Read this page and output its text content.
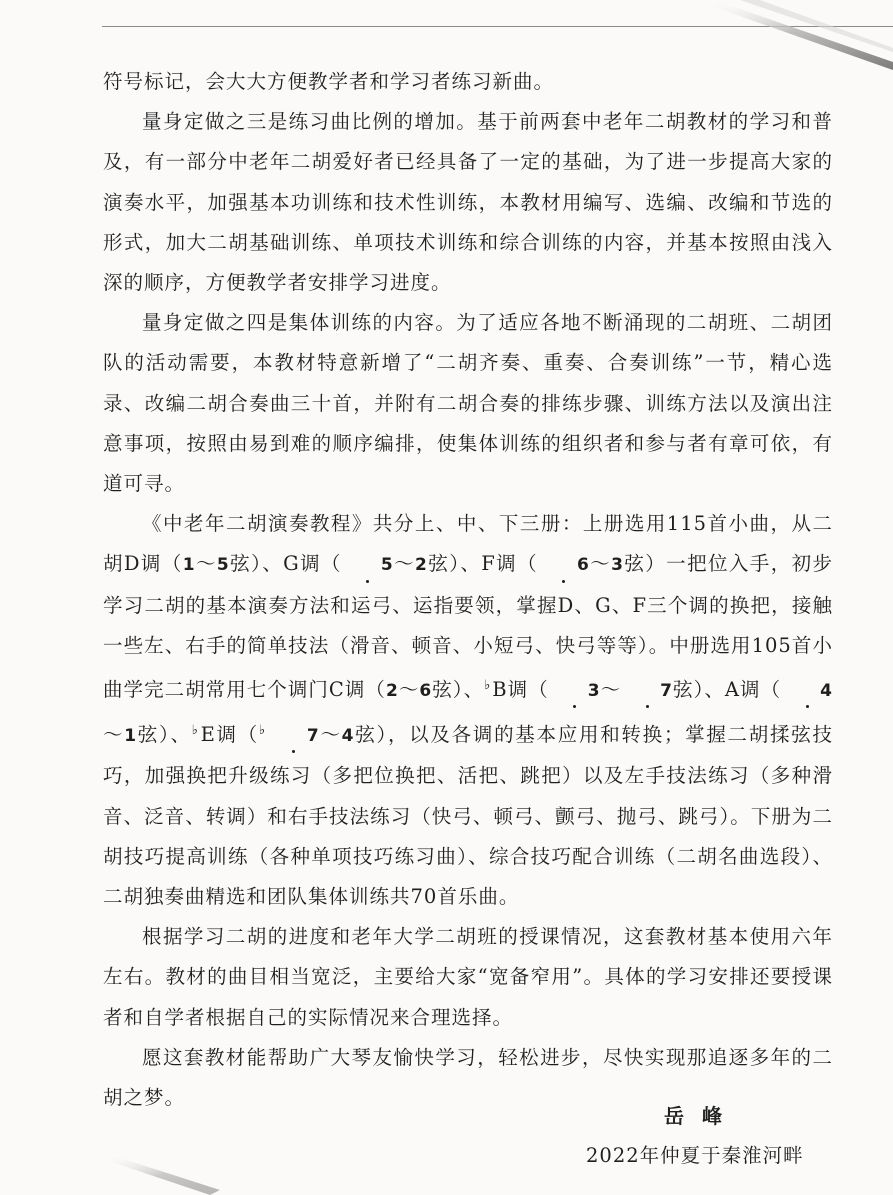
符号标记，会大大方便教学者和学习者练习新曲。

量身定做之三是练习曲比例的增加。基于前两套中老年二胡教材的学习和普及，有一部分中老年二胡爱好者已经具备了一定的基础，为了进一步提高大家的演奏水平，加强基本功训练和技术性训练，本教材用编写、选编、改编和节选的形式，加大二胡基础训练、单项技术训练和综合训练的内容，并基本按照由浅入深的顺序，方便教学者安排学习进度。

量身定做之四是集体训练的内容。为了适应各地不断涌现的二胡班、二胡团队的活动需要，本教材特意新增了“二胡齐奏、重奏、合奏训练”一节，精心选录、改编二胡合奏曲三十首，并附有二胡合奏的排练步骤、训练方法以及演出注意事项，按照由易到难的顺序编排，使集体训练的组织者和参与者有章可依，有道可寻。

《中老年二胡演奏教程》共分上、中、下三册：上册选用115首小曲，从二胡D调（1～5弦）、G调（ 5～2弦）、F调（ 6～3弦）一把位入手，初步学习二胡的基本演奏方法和运弓、运指要领，掌握D、G、F三个调的换把，接触一些左、右手的简单技法（滑音、顿音、小短弓、快弓等等）。中册选用105首小曲学完二胡常用七个调门C调（2～6弦）、♭B调（ 3～ 7弦）、A调（ 4～1弦）、♭E调（♭ 7～4弦），以及各调的基本应用和转换；掌握二胡揉弦技巧，加强换把升级练习（多把位换把、活把、跳把）以及左手技法练习（多种滑音、泛音、转调）和右手技法练习（快弓、顿弓、颤弓、抛弓、跳弓）。下册为二胡技巧提高训练（各种单项技巧练习曲）、综合技巧配合训练（二胡名曲选段）、二胡独奏曲精选和团队集体训练共70首乐曲。

根据学习二胡的进度和老年大学二胡班的授课情况，这套教材基本使用六年左右。教材的曲目相当宽泛，主要给大家“宽备窄用”。具体的学习安排还要授课者和自学者根据自己的实际情况来合理选择。

愿这套教材能帮助广大琴友愉快学习，轻松进步，尽快实现那追逐多年的二胡之梦。

岳峰
2022年仲夏于秦淮河畔
